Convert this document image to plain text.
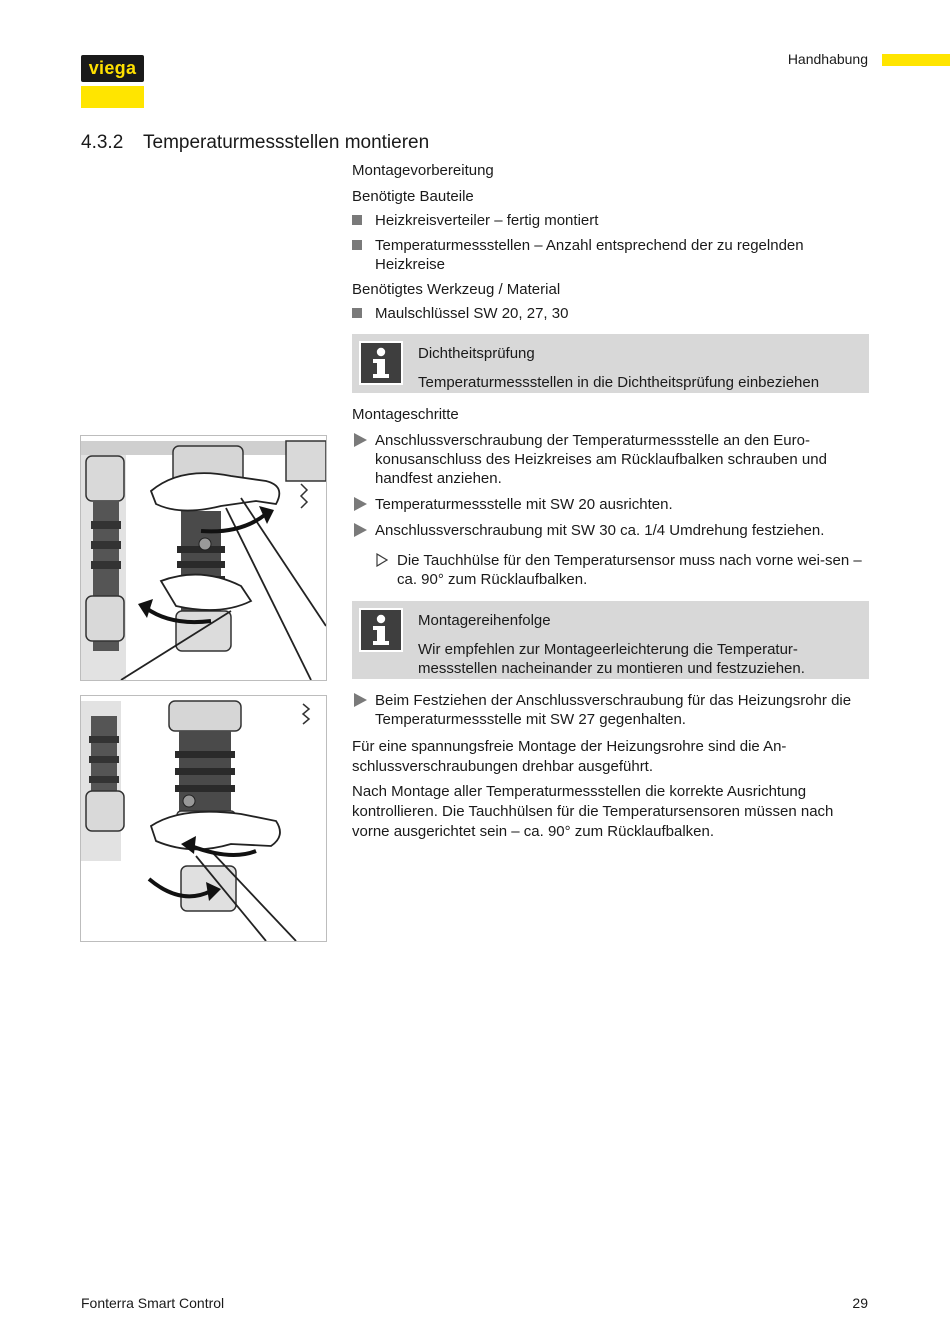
viega	Handhabung
4.3.2 Temperaturmessstellen montieren
Montagevorbereitung
Benötigte Bauteile
Heizkreisverteiler – fertig montiert
Temperaturmessstellen – Anzahl entsprechend der zu regelnden Heizkreise
Benötigtes Werkzeug / Material
Maulschlüssel SW 20, 27, 30
Dichtheitsprüfung
Temperaturmessstellen in die Dichtheitsprüfung einbeziehen
Montageschritte
Anschlussverschraubung der Temperaturmessstelle an den Euro-konusanschluss des Heizkreises am Rücklaufbalken schrauben und handfest anziehen.
Temperaturmessstelle mit SW 20 ausrichten.
Anschlussverschraubung mit SW 30 ca. 1/4 Umdrehung festziehen.
Die Tauchhülse für den Temperatursensor muss nach vorne wei-sen – ca. 90° zum Rücklaufbalken.
Montagereihenfolge
Wir empfehlen zur Montageerleichterung die Temperatur-messstellen nacheinander zu montieren und festzuziehen.
Beim Festziehen der Anschlussverschraubung für das Heizungsrohr die Temperaturmessstelle mit SW 27 gegenhalten.
Für eine spannungsfreie Montage der Heizungsrohre sind die An-schlussverschraubungen drehbar ausgeführt.
Nach Montage aller Temperaturmessstellen die korrekte Ausrichtung kontrollieren. Die Tauchhülsen für die Temperatursensoren müssen nach vorne ausgerichtet sein – ca. 90° zum Rücklaufbalken.
Fonterra Smart Control	29
